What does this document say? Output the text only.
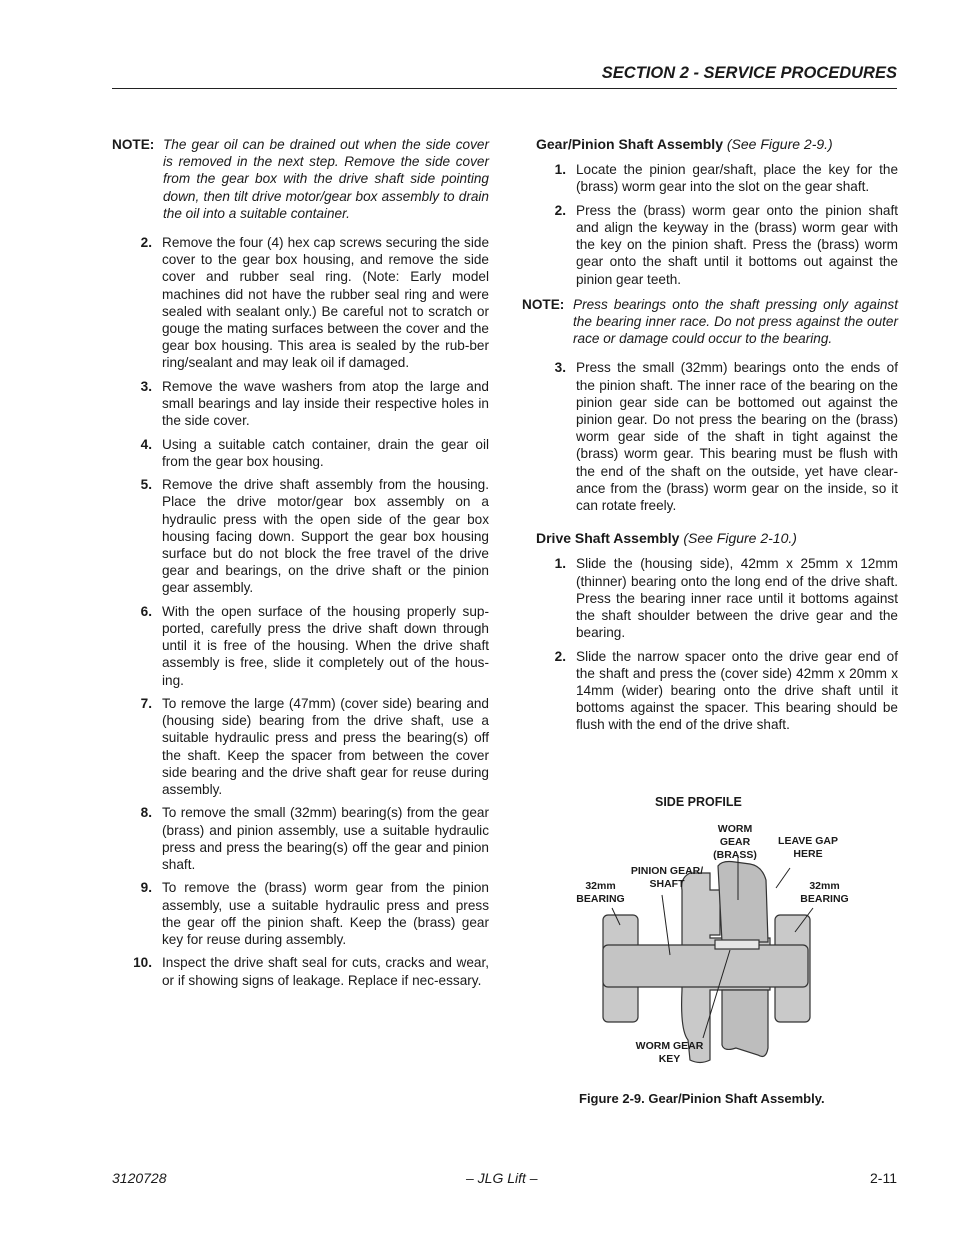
SECTION 2 - SERVICE PROCEDURES
NOTE: The gear oil can be drained out when the side cover is removed in the next step. Remove the side cover from the gear box with the drive shaft side pointing down, then tilt drive motor/gear box assembly to drain the oil into a suitable container.
2. Remove the four (4) hex cap screws securing the side cover to the gear box housing, and remove the side cover and rubber seal ring. (Note: Early model machines did not have the rubber seal ring and were sealed with sealant only.) Be careful not to scratch or gouge the mating surfaces between the cover and the gear box housing. This area is sealed by the rub-ber ring/sealant and may leak oil if damaged.
3. Remove the wave washers from atop the large and small bearings and lay inside their respective holes in the side cover.
4. Using a suitable catch container, drain the gear oil from the gear box housing.
5. Remove the drive shaft assembly from the housing. Place the drive motor/gear box assembly on a hydraulic press with the open side of the gear box housing facing down. Support the gear box housing surface but do not block the free travel of the drive gear and bearings, on the drive shaft or the pinion gear assembly.
6. With the open surface of the housing properly sup-ported, carefully press the drive shaft down through until it is free of the housing. When the drive shaft assembly is free, slide it completely out of the hous-ing.
7. To remove the large (47mm) (cover side) bearing and (housing side) bearing from the drive shaft, use a suitable hydraulic press and press the bearing(s) off the shaft. Keep the spacer from between the cover side bearing and the drive shaft gear for reuse during assembly.
8. To remove the small (32mm) bearing(s) from the gear (brass) and pinion assembly, use a suitable hydraulic press and press the bearing(s) off the gear and pinion shaft.
9. To remove the (brass) worm gear from the pinion assembly, use a suitable hydraulic press and press the gear off the pinion shaft. Keep the (brass) gear key for reuse during assembly.
10. Inspect the drive shaft seal for cuts, cracks and wear, or if showing signs of leakage. Replace if nec-essary.
Gear/Pinion Shaft Assembly (See Figure 2-9.)
1. Locate the pinion gear/shaft, place the key for the (brass) worm gear into the slot on the gear shaft.
2. Press the (brass) worm gear onto the pinion shaft and align the keyway in the (brass) worm gear with the key on the pinion shaft. Press the (brass) worm gear onto the shaft until it bottoms out against the pinion gear teeth.
NOTE: Press bearings onto the shaft pressing only against the bearing inner race. Do not press against the outer race or damage could occur to the bearing.
3. Press the small (32mm) bearings onto the ends of the pinion shaft. The inner race of the bearing on the pinion gear side can be bottomed out against the pinion gear. Do not press the bearing on the (brass) worm gear side of the shaft in tight against the (brass) worm gear. This bearing must be flush with the end of the shaft on the outside, yet have clear-ance from the (brass) worm gear on the inside, so it can rotate freely.
Drive Shaft Assembly (See Figure 2-10.)
1. Slide the (housing side), 42mm x 25mm x 12mm (thinner) bearing onto the long end of the drive shaft. Press the bearing inner race until it bottoms against the shaft shoulder between the drive gear and the bearing.
2. Slide the narrow spacer onto the drive gear end of the shaft and press the (cover side) 42mm x 20mm x 14mm (wider) bearing onto the drive shaft until it bottoms against the spacer. This bearing should be flush with the end of the drive shaft.
SIDE PROFILE
WORM GEAR (BRASS)
LEAVE GAP HERE
PINION GEAR/ SHAFT
32mm BEARING
32mm BEARING
WORM GEAR KEY
Figure 2-9. Gear/Pinion Shaft Assembly.
3120728	– JLG Lift –	2-11
